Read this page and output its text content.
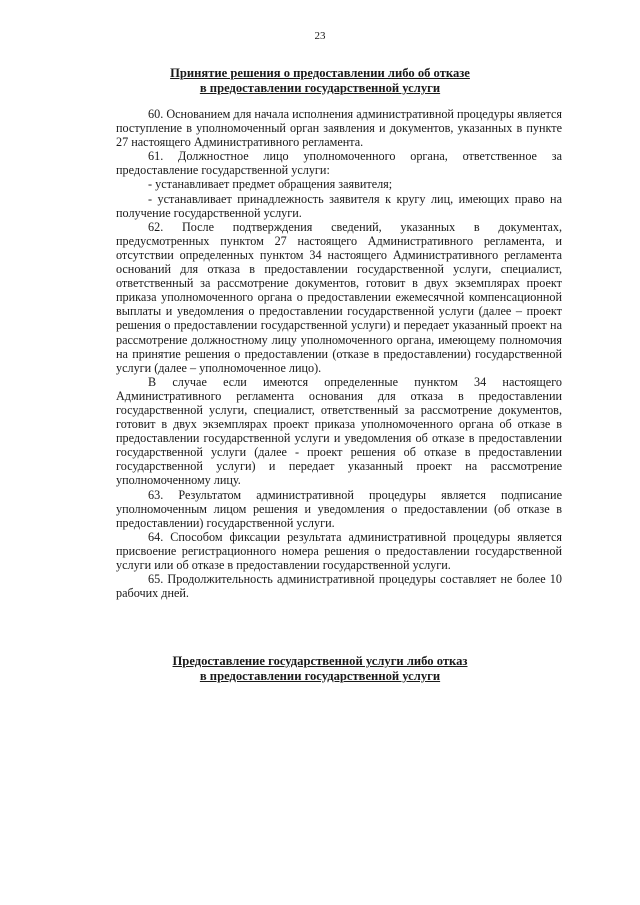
23
Принятие решения о предоставлении либо об отказе
в предоставлении государственной услуги

60. Основанием для начала исполнения административной процедуры является поступление в уполномоченный орган заявления и документов, указанных в пункте 27 настоящего Административного регламента.

61. Должностное лицо уполномоченного органа, ответственное за предоставление государственной услуги:

- устанавливает предмет обращения заявителя;

- устанавливает принадлежность заявителя к кругу лиц, имеющих право на получение государственной услуги.

62. После подтверждения сведений, указанных в документах, предусмотренных пунктом 27 настоящего Административного регламента, и отсутствии определенных пунктом 34 настоящего Административного регламента оснований для отказа в предоставлении государственной услуги, специалист, ответственный за рассмотрение документов, готовит в двух экземплярах проект приказа уполномоченного органа о предоставлении ежемесячной компенсационной выплаты и уведомления о предоставлении государственной услуги (далее – проект решения о предоставлении государственной услуги) и передает указанный проект на рассмотрение должностному лицу уполномоченного органа, имеющему полномочия на принятие решения о предоставлении (отказе в предоставлении) государственной услуги (далее – уполномоченное лицо).

В случае если имеются определенные пунктом 34 настоящего Административного регламента основания для отказа в предоставлении государственной услуги, специалист, ответственный за рассмотрение документов, готовит в двух экземплярах проект приказа уполномоченного органа об отказе в предоставлении государственной услуги и уведомления об отказе в предоставлении государственной услуги (далее - проект решения об отказе в предоставлении государственной услуги) и передает указанный проект на рассмотрение уполномоченному лицу.

63. Результатом административной процедуры является подписание уполномоченным лицом решения и уведомления о предоставлении (об отказе в предоставлении) государственной услуги.

64. Способом фиксации результата административной процедуры является присвоение регистрационного номера решения о предоставлении государственной услуги или об отказе в предоставлении государственной услуги.

65. Продолжительность административной процедуры составляет не более 10 рабочих дней.

Предоставление государственной услуги либо отказ
в предоставлении государственной услуги
